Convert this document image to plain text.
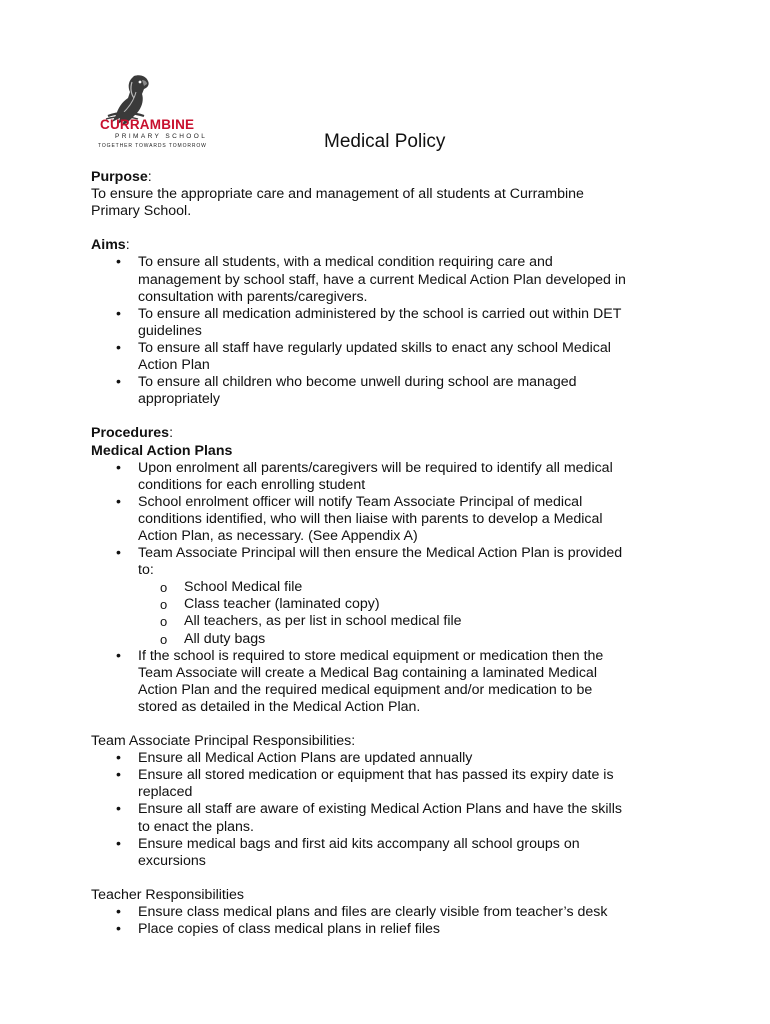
CURRAMBINE
PRIMARY SCHOOL
TOGETHER TOWARDS TOMORROW	Medical Policy

Purpose:

To ensure the appropriate care and management of all students at Currambine

Primary School.

Aims:

• To ensure all students, with a medical condition requiring care and
management by school staff, have a current Medical Action Plan developed in
consultation with parents/caregivers.
• To ensure all medication administered by the school is carried out within DET
guidelines
• To ensure all staff have regularly updated skills to enact any school Medical
Action Plan
• To ensure all children who become unwell during school are managed
appropriately

Procedures:

Medical Action Plans

• Upon enrolment all parents/caregivers will be required to identify all medical
conditions for each enrolling student
• School enrolment officer will notify Team Associate Principal of medical
conditions identified, who will then liaise with parents to develop a Medical
Action Plan, as necessary. (See Appendix A)
• Team Associate Principal will then ensure the Medical Action Plan is provided
to:
o School Medical file
o Class teacher (laminated copy)
o All teachers, as per list in school medical file
o All duty bags
• If the school is required to store medical equipment or medication then the
Team Associate will create a Medical Bag containing a laminated Medical
Action Plan and the required medical equipment and/or medication to be
stored as detailed in the Medical Action Plan.

Team Associate Principal Responsibilities:

• Ensure all Medical Action Plans are updated annually
• Ensure all stored medication or equipment that has passed its expiry date is
replaced
• Ensure all staff are aware of existing Medical Action Plans and have the skills
to enact the plans.
• Ensure medical bags and first aid kits accompany all school groups on
excursions

Teacher Responsibilities

• Ensure class medical plans and files are clearly visible from teacher’s desk
• Place copies of class medical plans in relief files
